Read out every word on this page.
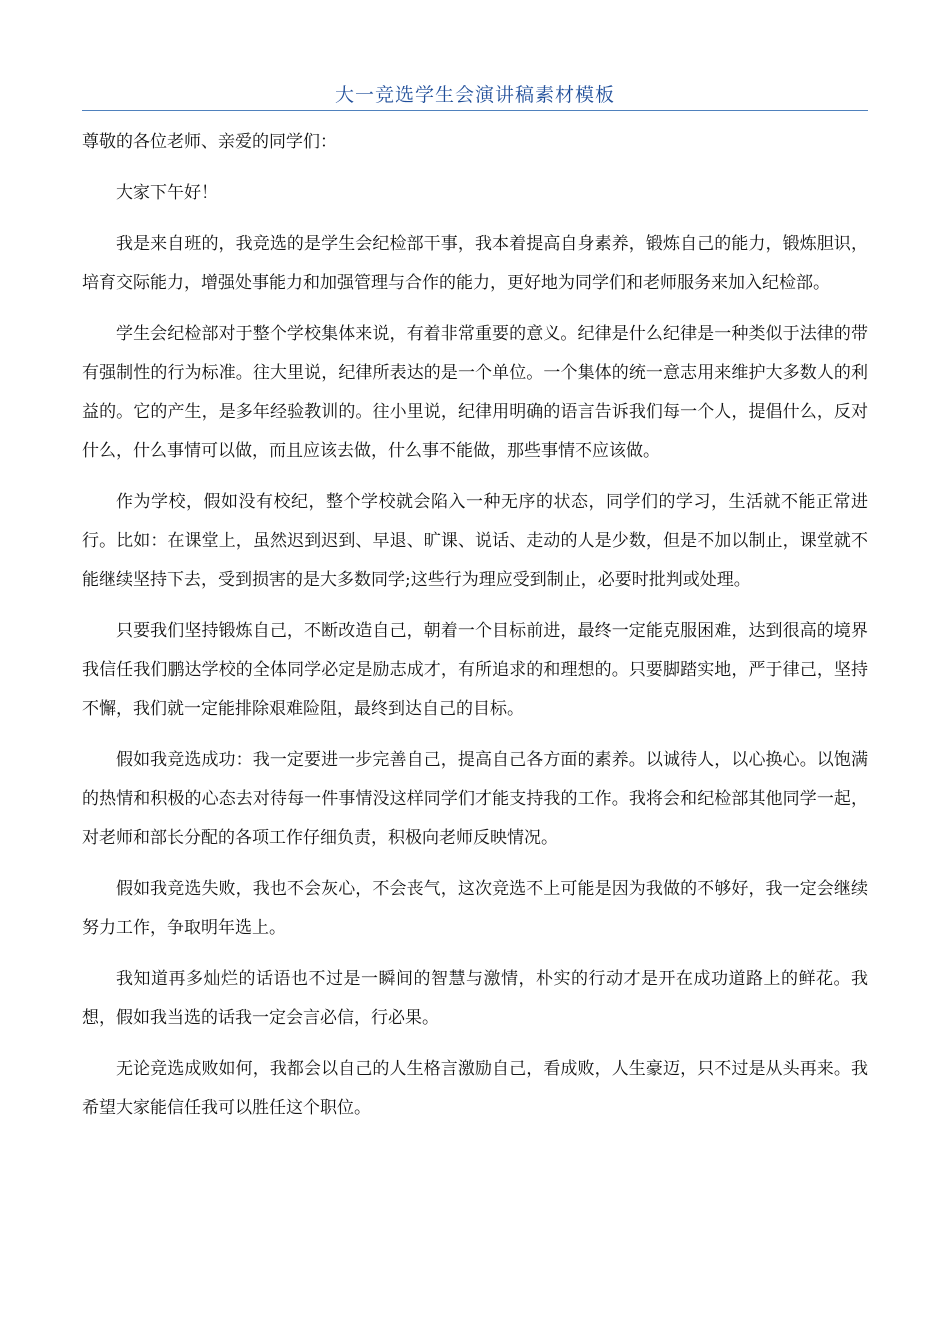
大一竞选学生会演讲稿素材模板

尊敬的各位老师、亲爱的同学们：

大家下午好！

我是来自班的，我竞选的是学生会纪检部干事，我本着提高自身素养，锻炼自己的能力，锻炼胆识，培育交际能力，增强处事能力和加强管理与合作的能力，更好地为同学们和老师服务来加入纪检部。

学生会纪检部对于整个学校集体来说，有着非常重要的意义。纪律是什么纪律是一种类似于法律的带有强制性的行为标准。往大里说，纪律所表达的是一个单位。一个集体的统一意志用来维护大多数人的利益的。它的产生，是多年经验教训的。往小里说，纪律用明确的语言告诉我们每一个人，提倡什么，反对什么，什么事情可以做，而且应该去做，什么事不能做，那些事情不应该做。

作为学校，假如没有校纪，整个学校就会陷入一种无序的状态，同学们的学习，生活就不能正常进行。比如：在课堂上，虽然迟到迟到、早退、旷课、说话、走动的人是少数，但是不加以制止，课堂就不能继续坚持下去，受到损害的是大多数同学;这些行为理应受到制止，必要时批判或处理。

只要我们坚持锻炼自己，不断改造自己，朝着一个目标前进，最终一定能克服困难，达到很高的境界我信任我们鹏达学校的全体同学必定是励志成才，有所追求的和理想的。只要脚踏实地，严于律己，坚持不懈，我们就一定能排除艰难险阻，最终到达自己的目标。

假如我竞选成功：我一定要进一步完善自己，提高自己各方面的素养。以诚待人，以心换心。以饱满的热情和积极的心态去对待每一件事情没这样同学们才能支持我的工作。我将会和纪检部其他同学一起，对老师和部长分配的各项工作仔细负责，积极向老师反映情况。

假如我竞选失败，我也不会灰心，不会丧气，这次竞选不上可能是因为我做的不够好，我一定会继续努力工作，争取明年选上。

我知道再多灿烂的话语也不过是一瞬间的智慧与激情，朴实的行动才是开在成功道路上的鲜花。我想，假如我当选的话我一定会言必信，行必果。

无论竞选成败如何，我都会以自己的人生格言激励自己，看成败，人生豪迈，只不过是从头再来。我希望大家能信任我可以胜任这个职位。
